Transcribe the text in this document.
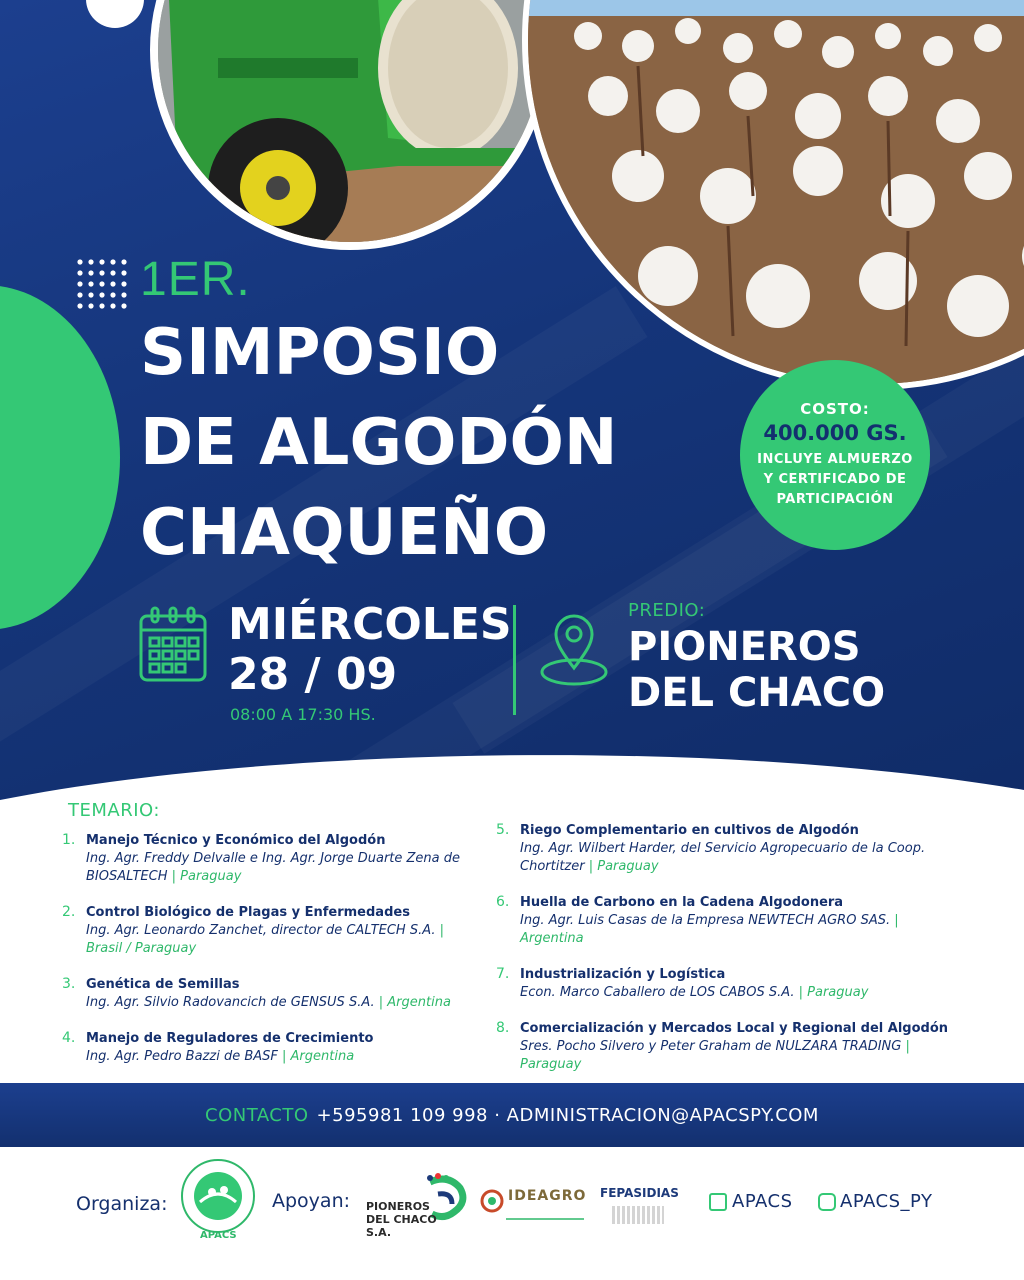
1ER.
SIMPOSIO
DE ALGODÓN
CHAQUEÑO
COSTO:
400.000 GS.
INCLUYE ALMUERZO
Y CERTIFICADO DE
PARTICIPACIÓN
MIÉRCOLES
28 / 09
08:00 A 17:30 HS.
PREDIO:
PIONEROS
DEL CHACO
TEMARIO:
1. Manejo Técnico y Económico del Algodón
Ing. Agr. Freddy Delvalle e Ing. Agr. Jorge Duarte Zena de BIOSALTECH | Paraguay
2. Control Biológico de Plagas y Enfermedades
Ing. Agr. Leonardo Zanchet, director de CALTECH S.A. | Brasil / Paraguay
3. Genética de Semillas
Ing. Agr. Silvio Radovancich de GENSUS S.A. | Argentina
4. Manejo de Reguladores de Crecimiento
Ing. Agr. Pedro Bazzi de BASF | Argentina
5. Riego Complementario en cultivos de Algodón
Ing. Agr. Wilbert Harder, del Servicio Agropecuario de la Coop. Chortitzer | Paraguay
6. Huella de Carbono en la Cadena Algodonera
Ing. Agr. Luis Casas de la Empresa NEWTECH AGRO SAS. | Argentina
7. Industrialización y Logística
Econ. Marco Caballero de LOS CABOS S.A. | Paraguay
8. Comercialización y Mercados Local y Regional del Algodón
Sres. Pocho Silvero y Peter Graham de NULZARA TRADING | Paraguay
CONTACTO +595981 109 998 · ADMINISTRACION@APACSPY.COM
Organiza:
APACS
Apoyan: PIONEROS DEL CHACO S.A.
IDEAGRO FEPASIDIAS	APACS	APACS_PY
